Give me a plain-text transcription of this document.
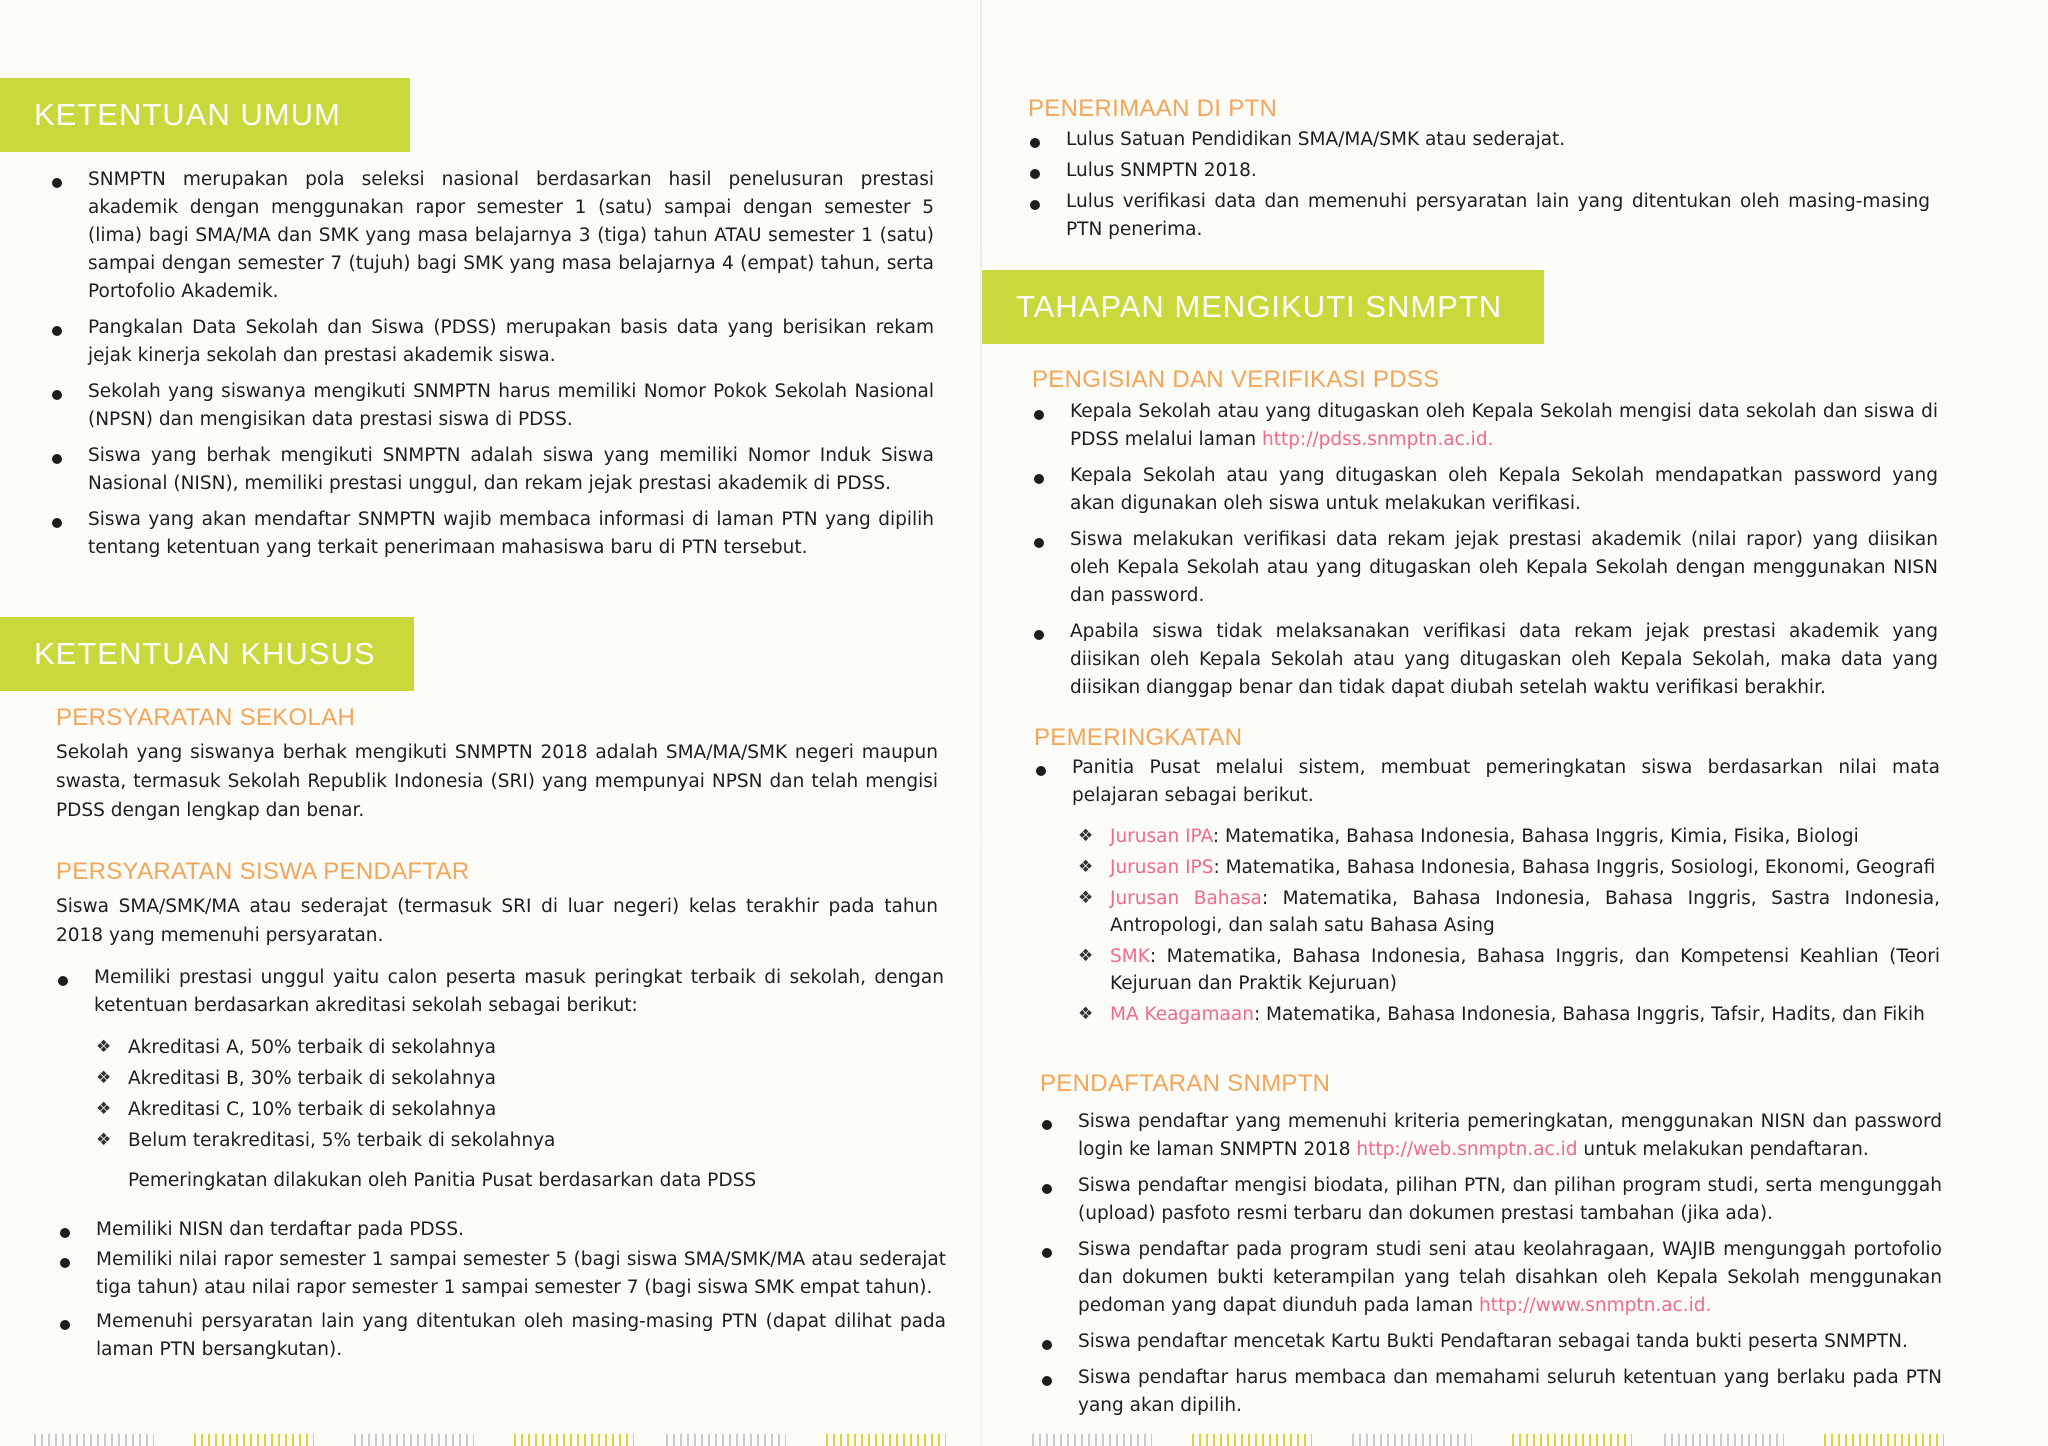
KETENTUAN UMUM
SNMPTN merupakan pola seleksi nasional berdasarkan hasil penelusuran prestasi akademik dengan menggunakan rapor semester 1 (satu) sampai dengan semester 5 (lima) bagi SMA/MA dan SMK yang masa belajarnya 3 (tiga) tahun ATAU semester 1 (satu) sampai dengan semester 7 (tujuh) bagi SMK yang masa belajarnya 4 (empat) tahun, serta Portofolio Akademik.
Pangkalan Data Sekolah dan Siswa (PDSS) merupakan basis data yang berisikan rekam jejak kinerja sekolah dan prestasi akademik siswa.
Sekolah yang siswanya mengikuti SNMPTN harus memiliki Nomor Pokok Sekolah Nasional (NPSN) dan mengisikan data prestasi siswa di PDSS.
Siswa yang berhak mengikuti SNMPTN adalah siswa yang memiliki Nomor Induk Siswa Nasional (NISN), memiliki prestasi unggul, dan rekam jejak prestasi akademik di PDSS.
Siswa yang akan mendaftar SNMPTN wajib membaca informasi di laman PTN yang dipilih tentang ketentuan yang terkait penerimaan mahasiswa baru di PTN tersebut.
KETENTUAN KHUSUS
PERSYARATAN SEKOLAH
Sekolah yang siswanya berhak mengikuti SNMPTN 2018 adalah SMA/MA/SMK negeri maupun swasta, termasuk Sekolah Republik Indonesia (SRI) yang mempunyai NPSN dan telah mengisi PDSS dengan lengkap dan benar.
PERSYARATAN SISWA PENDAFTAR
Siswa SMA/SMK/MA atau sederajat (termasuk SRI di luar negeri) kelas terakhir pada tahun 2018 yang memenuhi persyaratan.
Memiliki prestasi unggul yaitu calon peserta masuk peringkat terbaik di sekolah, dengan ketentuan berdasarkan akreditasi sekolah sebagai berikut:
❖ Akreditasi A, 50% terbaik di sekolahnya
❖ Akreditasi B, 30% terbaik di sekolahnya
❖ Akreditasi C, 10% terbaik di sekolahnya
❖ Belum terakreditasi, 5% terbaik di sekolahnya
Pemeringkatan dilakukan oleh Panitia Pusat berdasarkan data PDSS
Memiliki NISN dan terdaftar pada PDSS.
Memiliki nilai rapor semester 1 sampai semester 5 (bagi siswa SMA/SMK/MA atau sederajat tiga tahun) atau nilai rapor semester 1 sampai semester 7 (bagi siswa SMK empat tahun).
Memenuhi persyaratan lain yang ditentukan oleh masing-masing PTN (dapat dilihat pada laman PTN bersangkutan).
PENERIMAAN DI PTN
Lulus Satuan Pendidikan SMA/MA/SMK atau sederajat.
Lulus SNMPTN 2018.
Lulus verifikasi data dan memenuhi persyaratan lain yang ditentukan oleh masing-masing PTN penerima.
TAHAPAN MENGIKUTI SNMPTN
PENGISIAN DAN VERIFIKASI PDSS
Kepala Sekolah atau yang ditugaskan oleh Kepala Sekolah mengisi data sekolah dan siswa di PDSS melalui laman http://pdss.snmptn.ac.id.
Kepala Sekolah atau yang ditugaskan oleh Kepala Sekolah mendapatkan password yang akan digunakan oleh siswa untuk melakukan verifikasi.
Siswa melakukan verifikasi data rekam jejak prestasi akademik (nilai rapor) yang diisikan oleh Kepala Sekolah atau yang ditugaskan oleh Kepala Sekolah dengan menggunakan NISN dan password.
Apabila siswa tidak melaksanakan verifikasi data rekam jejak prestasi akademik yang diisikan oleh Kepala Sekolah atau yang ditugaskan oleh Kepala Sekolah, maka data yang diisikan dianggap benar dan tidak dapat diubah setelah waktu verifikasi berakhir.
PEMERINGKATAN
Panitia Pusat melalui sistem, membuat pemeringkatan siswa berdasarkan nilai mata pelajaran sebagai berikut.
❖ Jurusan IPA: Matematika, Bahasa Indonesia, Bahasa Inggris, Kimia, Fisika, Biologi
❖ Jurusan IPS: Matematika, Bahasa Indonesia, Bahasa Inggris, Sosiologi, Ekonomi, Geografi
❖ Jurusan Bahasa: Matematika, Bahasa Indonesia, Bahasa Inggris, Sastra Indonesia, Antropologi, dan salah satu Bahasa Asing
❖ SMK: Matematika, Bahasa Indonesia, Bahasa Inggris, dan Kompetensi Keahlian (Teori Kejuruan dan Praktik Kejuruan)
❖ MA Keagamaan: Matematika, Bahasa Indonesia, Bahasa Inggris, Tafsir, Hadits, dan Fikih
PENDAFTARAN SNMPTN
Siswa pendaftar yang memenuhi kriteria pemeringkatan, menggunakan NISN dan password login ke laman SNMPTN 2018 http://web.snmptn.ac.id untuk melakukan pendaftaran.
Siswa pendaftar mengisi biodata, pilihan PTN, dan pilihan program studi, serta mengunggah (upload) pasfoto resmi terbaru dan dokumen prestasi tambahan (jika ada).
Siswa pendaftar pada program studi seni atau keolahragaan, WAJIB mengunggah portofolio dan dokumen bukti keterampilan yang telah disahkan oleh Kepala Sekolah menggunakan pedoman yang dapat diunduh pada laman http://www.snmptn.ac.id.
Siswa pendaftar mencetak Kartu Bukti Pendaftaran sebagai tanda bukti peserta SNMPTN.
Siswa pendaftar harus membaca dan memahami seluruh ketentuan yang berlaku pada PTN yang akan dipilih.
